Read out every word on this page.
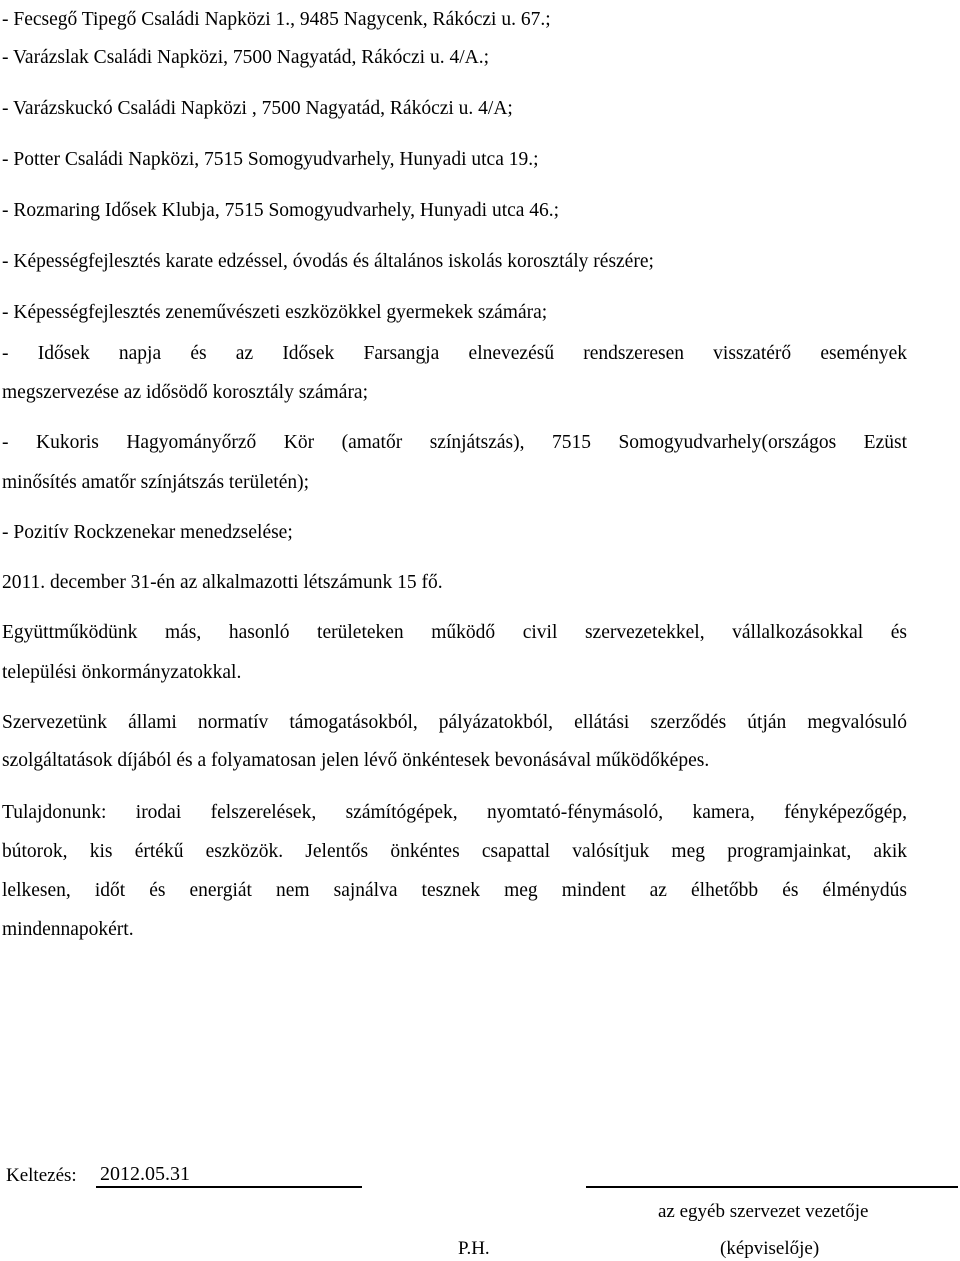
- Fecsegő Tipegő Családi Napközi 1., 9485 Nagycenk, Rákóczi u. 67.;
- Varázslak Családi Napközi, 7500 Nagyatád, Rákóczi u. 4/A.;
- Varázskuckó Családi Napközi , 7500 Nagyatád, Rákóczi u. 4/A;
- Potter Családi Napközi, 7515 Somogyudvarhely, Hunyadi utca 19.;
- Rozmaring Idősek Klubja, 7515 Somogyudvarhely, Hunyadi utca 46.;
- Képességfejlesztés karate edzéssel, óvodás és általános iskolás korosztály részére;
- Képességfejlesztés zeneművészeti eszközökkel gyermekek számára;
- Idősek napja és az Idősek Farsangja elnevezésű rendszeresen visszatérő események
megszervezése az idősödő korosztály számára;
- Kukoris Hagyományőrző Kör (amatőr színjátszás), 7515 Somogyudvarhely(országos Ezüst
minősítés amatőr színjátszás területén);
- Pozitív Rockzenekar menedzselése;
2011. december 31-én az alkalmazotti létszámunk 15 fő.
Együttműködünk más, hasonló területeken működő civil szervezetekkel, vállalkozásokkal és
települési önkormányzatokkal.
Szervezetünk állami normatív támogatásokból, pályázatokból, ellátási szerződés útján megvalósuló
szolgáltatások díjából és a folyamatosan jelen lévő önkéntesek bevonásával működőképes.
Tulajdonunk: irodai felszerelések, számítógépek, nyomtató-fénymásoló, kamera, fényképezőgép,
bútorok, kis értékű eszközök. Jelentős önkéntes csapattal valósítjuk meg programjainkat, akik
lelkesen, időt és energiát nem sajnálva tesznek meg mindent az élhetőbb és élménydús
mindennapokért.
Keltezés: 2012.05.31
az egyéb szervezet vezetője
P.H.	(képviselője)
